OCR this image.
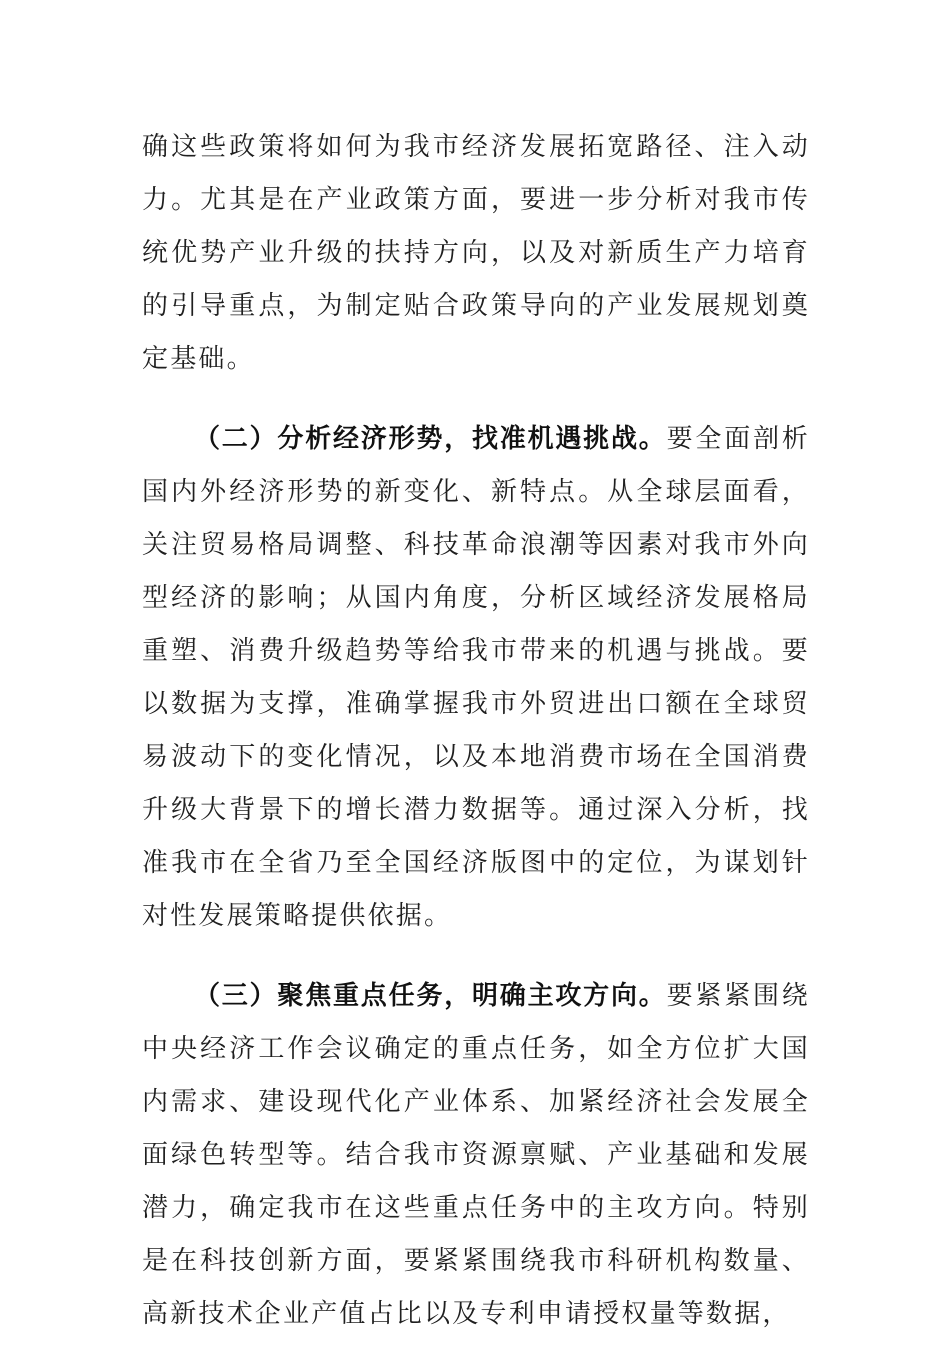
确这些政策将如何为我市经济发展拓宽路径、注入动力。尤其是在产业政策方面，要进一步分析对我市传统优势产业升级的扶持方向，以及对新质生产力培育的引导重点，为制定贴合政策导向的产业发展规划奠定基础。

（二）分析经济形势，找准机遇挑战。要全面剖析国内外经济形势的新变化、新特点。从全球层面看，关注贸易格局调整、科技革命浪潮等因素对我市外向型经济的影响；从国内角度，分析区域经济发展格局重塑、消费升级趋势等给我市带来的机遇与挑战。要以数据为支撑，准确掌握我市外贸进出口额在全球贸易波动下的变化情况，以及本地消费市场在全国消费升级大背景下的增长潜力数据等。通过深入分析，找准我市在全省乃至全国经济版图中的定位，为谋划针对性发展策略提供依据。

（三）聚焦重点任务，明确主攻方向。要紧紧围绕中央经济工作会议确定的重点任务，如全方位扩大国内需求、建设现代化产业体系、加紧经济社会发展全面绿色转型等。结合我市资源禀赋、产业基础和发展潜力，确定我市在这些重点任务中的主攻方向。特别是在科技创新方面，要紧紧围绕我市科研机构数量、高新技术企业产值占比以及专利申请授权量等数据，
